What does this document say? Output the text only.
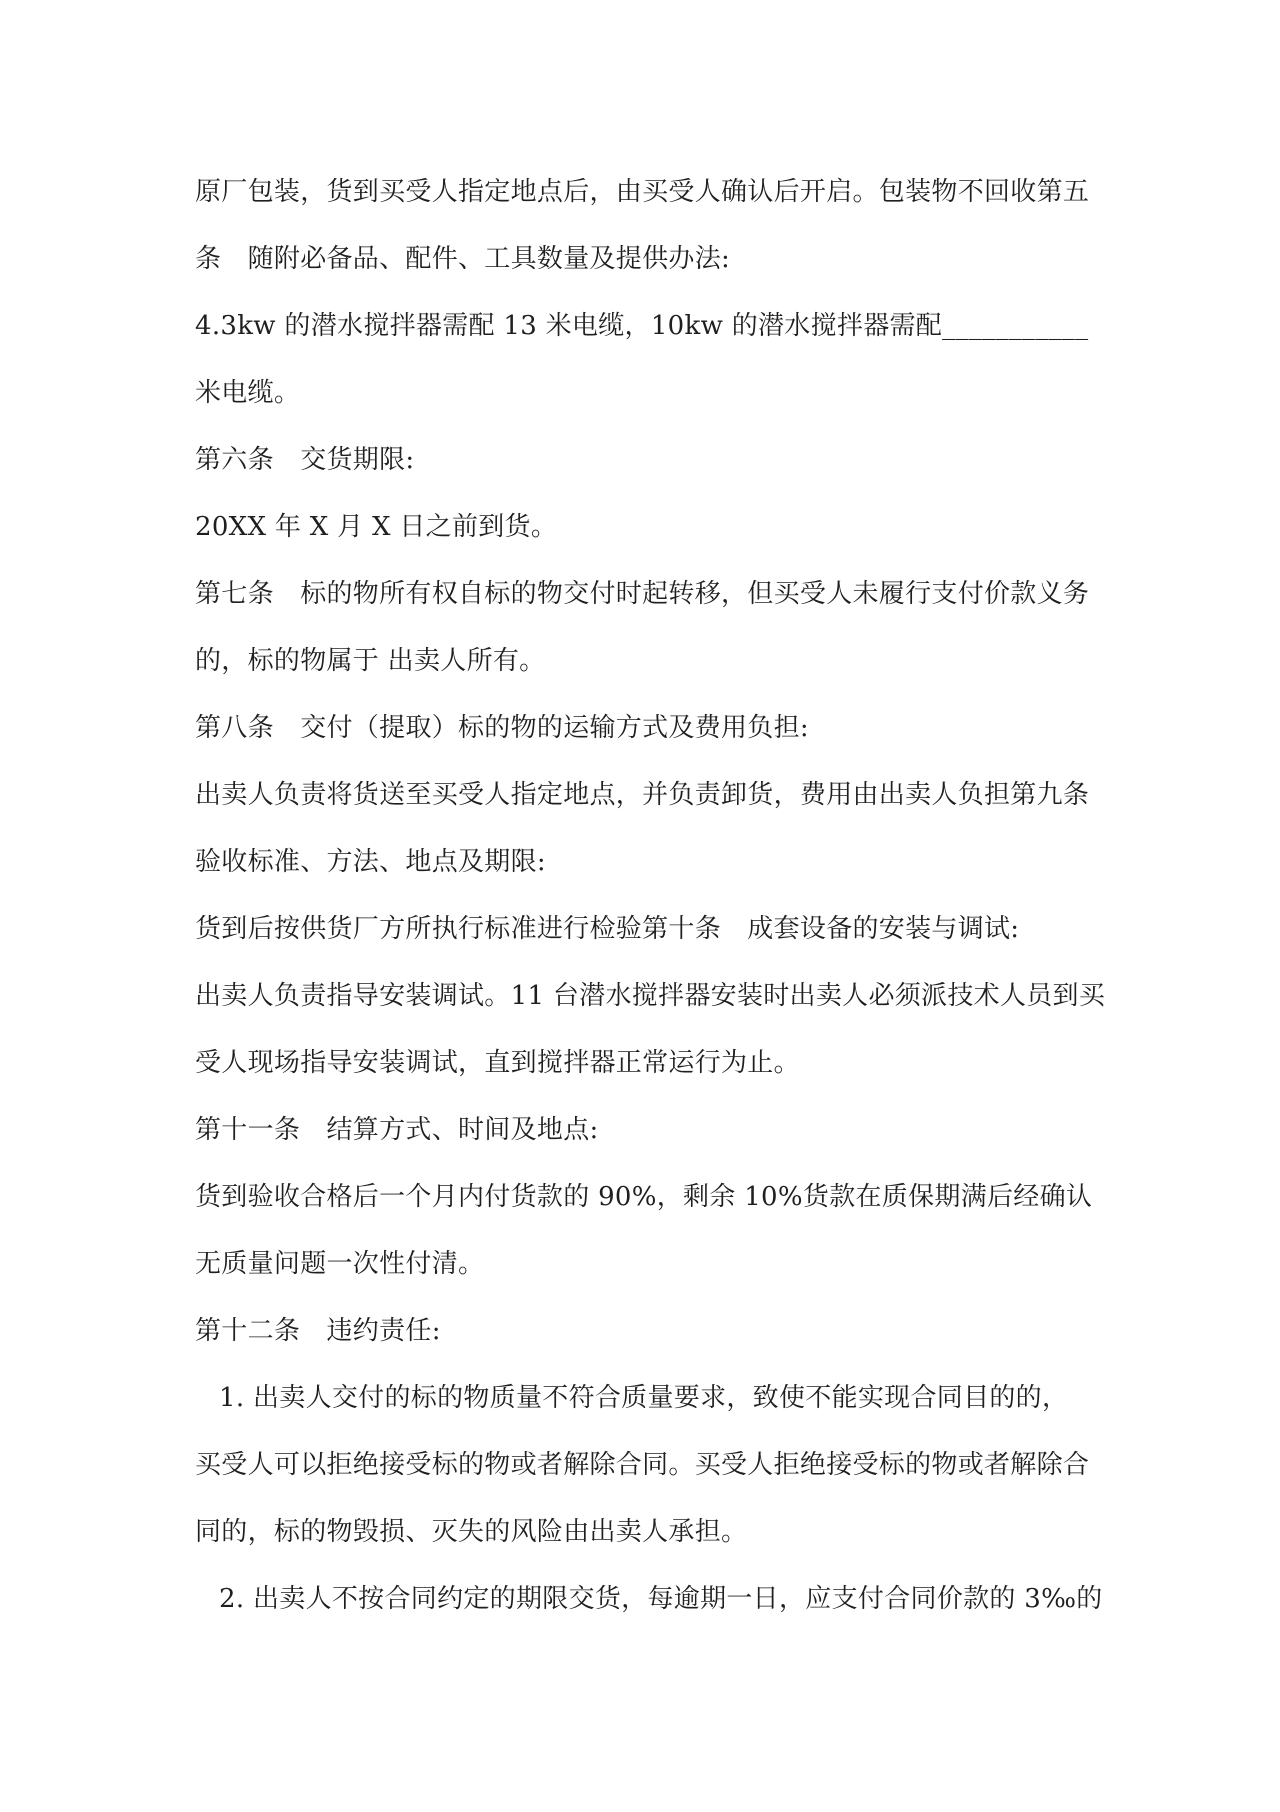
原厂包装，货到买受人指定地点后，由买受人确认后开启。包装物不回收第五
条　随附必备品、配件、工具数量及提供办法:
4.3kw 的潜水搅拌器需配 13 米电缆，10kw 的潜水搅拌器需配___________
米电缆。
第六条　交货期限:
20XX 年 X 月 X 日之前到货。
第七条　标的物所有权自标的物交付时起转移，但买受人未履行支付价款义务
的，标的物属于 出卖人所有。
第八条　交付（提取）标的物的运输方式及费用负担:
出卖人负责将货送至买受人指定地点，并负责卸货，费用由出卖人负担第九条
验收标准、方法、地点及期限:
货到后按供货厂方所执行标准进行检验第十条　成套设备的安装与调试:
出卖人负责指导安装调试。11 台潜水搅拌器安装时出卖人必须派技术人员到买
受人现场指导安装调试，直到搅拌器正常运行为止。
第十一条　结算方式、时间及地点:
货到验收合格后一个月内付货款的 90%，剩余 10%货款在质保期满后经确认
无质量问题一次性付清。
第十二条　违约责任:
1. 出卖人交付的标的物质量不符合质量要求，致使不能实现合同目的的，
买受人可以拒绝接受标的物或者解除合同。买受人拒绝接受标的物或者解除合
同的，标的物毁损、灭失的风险由出卖人承担。
2. 出卖人不按合同约定的期限交货，每逾期一日，应支付合同价款的 3‰的
